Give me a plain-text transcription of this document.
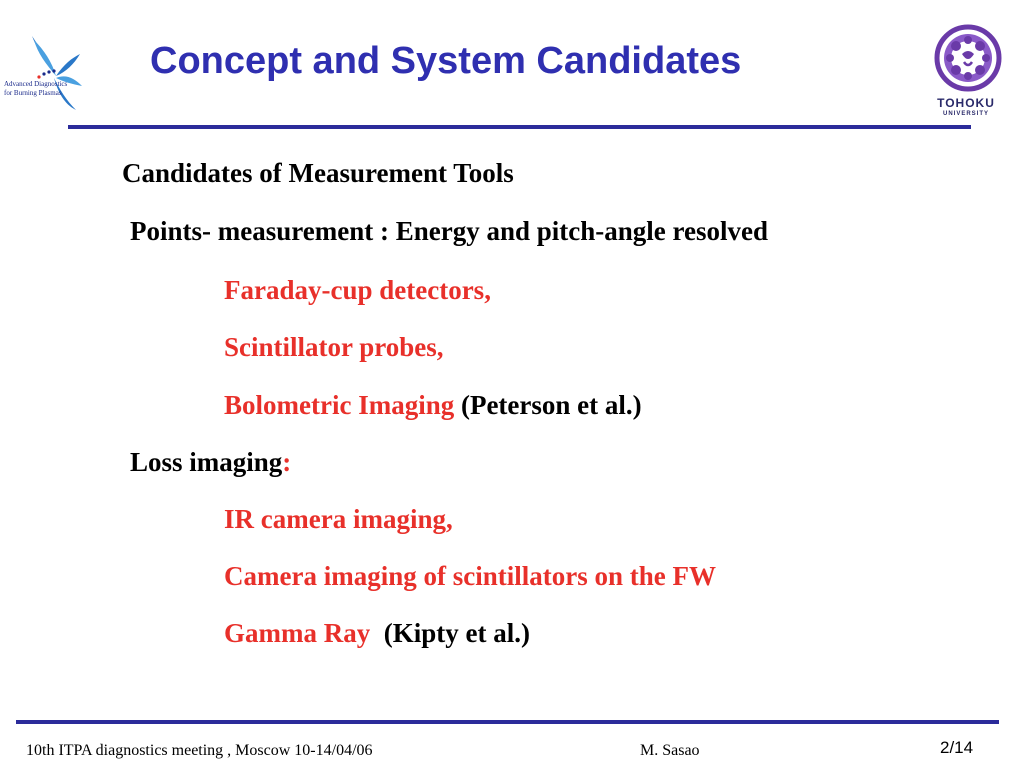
Advanced Diagnostics
for Burning Plasmas
Concept and System Candidates
TOHOKU
UNIVERSITY
Candidates of Measurement Tools
Points- measurement : Energy and pitch-angle resolved
Faraday-cup detectors,
Scintillator probes,
Bolometric Imaging (Peterson et al.)
Loss imaging:
IR camera imaging,
Camera imaging of scintillators on the FW
Gamma Ray  (Kipty et al.)
10th ITPA diagnostics meeting , Moscow 10-14/04/06	M. Sasao	2/14
